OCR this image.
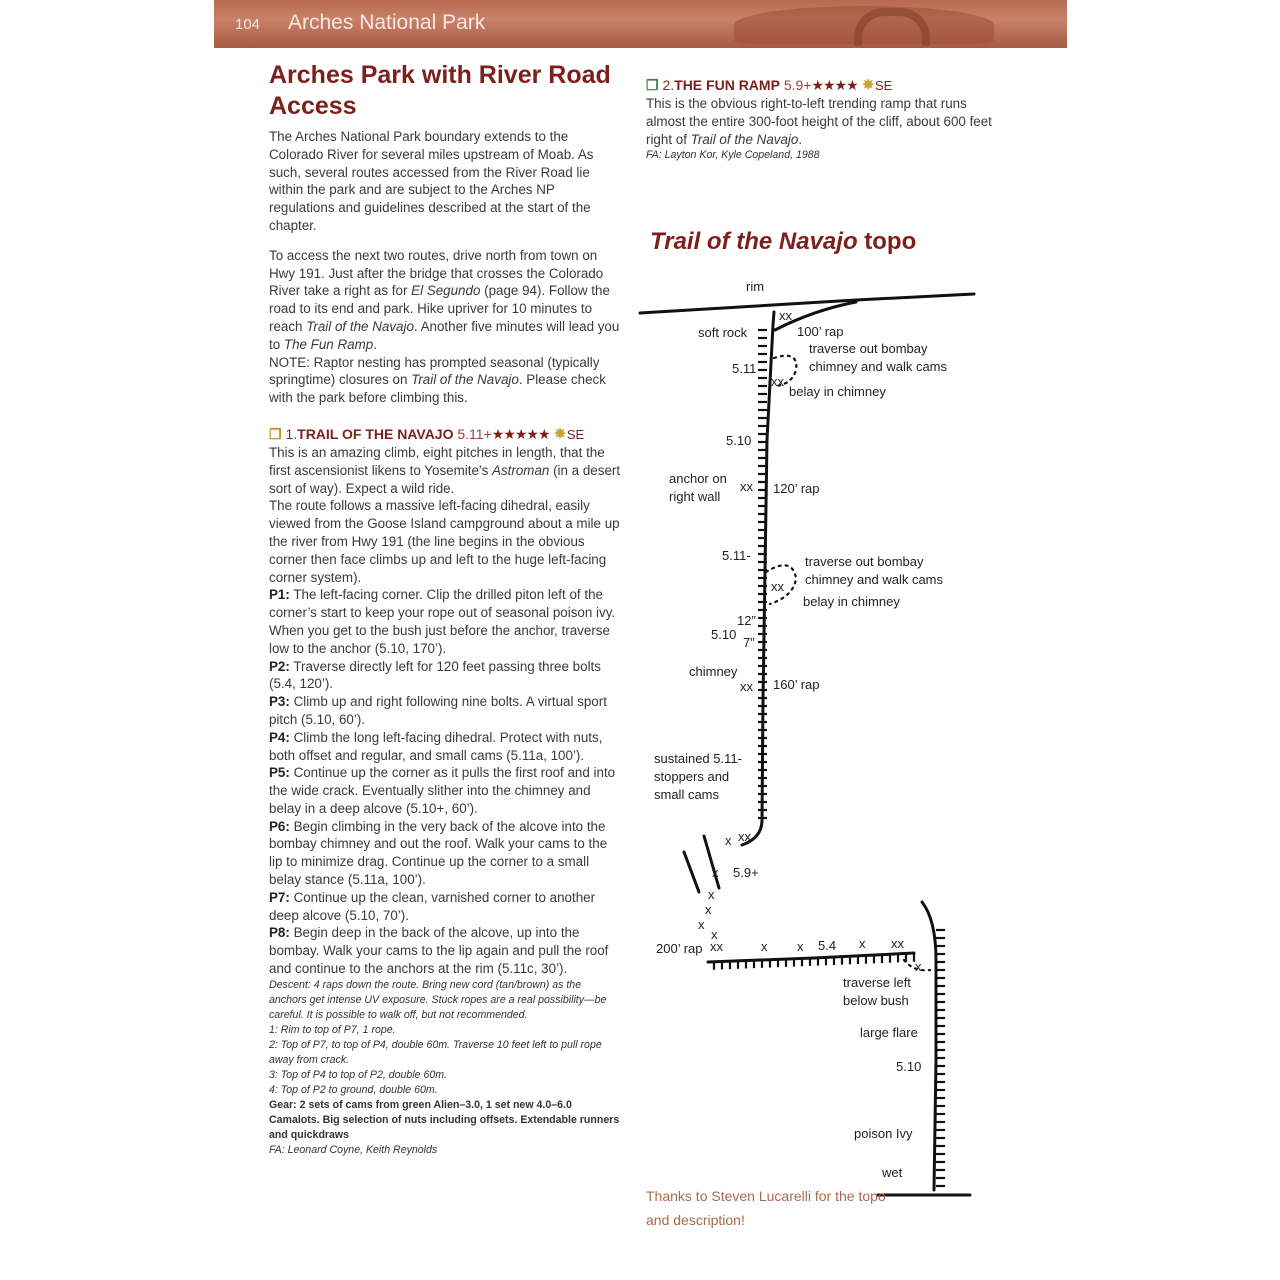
104 Arches National Park
Arches Park with River Road Access

The Arches National Park boundary extends to the Colorado River for several miles upstream of Moab. As such, several routes accessed from the River Road lie within the park and are subject to the Arches NP regulations and guidelines described at the start of the chapter.

To access the next two routes, drive north from town on Hwy 191. Just after the bridge that crosses the Colorado River take a right as for El Segundo (page 94). Follow the road to its end and park. Hike upriver for 10 minutes to reach Trail of the Navajo. Another five minutes will lead you to The Fun Ramp.

NOTE: Raptor nesting has prompted seasonal (typically springtime) closures on Trail of the Navajo. Please check with the park before climbing this.

❒ 1.TRAIL OF THE NAVAJO 5.11+★★★★★ ✸SE

This is an amazing climb, eight pitches in length, that the first ascensionist likens to Yosemite’s Astroman (in a desert sort of way). Expect a wild ride.

The route follows a massive left-facing dihedral, easily viewed from the Goose Island campground about a mile up the river from Hwy 191 (the line begins in the obvious corner then face climbs up and left to the huge left-facing corner system).

P1: The left-facing corner. Clip the drilled piton left of the corner’s start to keep your rope out of seasonal poison ivy. When you get to the bush just before the anchor, traverse low to the anchor (5.10, 170’).

P2: Traverse directly left for 120 feet passing three bolts (5.4, 120’).

P3: Climb up and right following nine bolts. A virtual sport pitch (5.10, 60’).

P4: Climb the long left-facing dihedral. Protect with nuts, both offset and regular, and small cams (5.11a, 100’).

P5: Continue up the corner as it pulls the first roof and into the wide crack. Eventually slither into the chimney and belay in a deep alcove (5.10+, 60’).

P6: Begin climbing in the very back of the alcove into the bombay chimney and out the roof. Walk your cams to the lip to minimize drag. Continue up the corner to a small belay stance (5.11a, 100’).

P7: Continue up the clean, varnished corner to another deep alcove (5.10, 70’).

P8: Begin deep in the back of the alcove, up into the bombay. Walk your cams to the lip again and pull the roof and continue to the anchors at the rim (5.11c, 30’).

Descent: 4 raps down the route. Bring new cord (tan/brown) as the anchors get intense UV exposure. Stuck ropes are a real possibility—be careful. It is possible to walk off, but not recommended.

1: Rim to top of P7, 1 rope.

2: Top of P7, to top of P4, double 60m. Traverse 10 feet left to pull rope away from crack.

3: Top of P4 to top of P2, double 60m.

4: Top of P2 to ground, double 60m.

Gear: 2 sets of cams from green Alien–3.0, 1 set new 4.0–6.0 Camalots. Big selection of nuts including offsets. Extendable runners and quickdraws

FA: Leonard Coyne, Keith Reynolds

❒ 2.THE FUN RAMP 5.9+★★★★ ✸SE

This is the obvious right-to-left trending ramp that runs almost the entire 300-foot height of the cliff, about 600 feet right of Trail of the Navajo.

FA: Layton Kor, Kyle Copeland, 1988

Trail of the Navajo topo
rim
soft rock
xx
100’ rap
traverse out bombay
chimney and walk cams
5.11
xx
belay in chimney
5.10
anchor on
right wall
xx 120’ rap
5.11-	traverse out bombay
chimney and walk cams
xx
belay in chimney
12”
5.10
7”
chimney
xx 160’ rap
sustained 5.11-
stoppers and
small cams
x xx
5.9+
x
x
x
x
x
200’ rap xx	x x 5.4 x xx
x
traverse left
below bush
large flare
5.10
poison Ivy
wet
Thanks to Steven Lucarelli for the topo and description!
